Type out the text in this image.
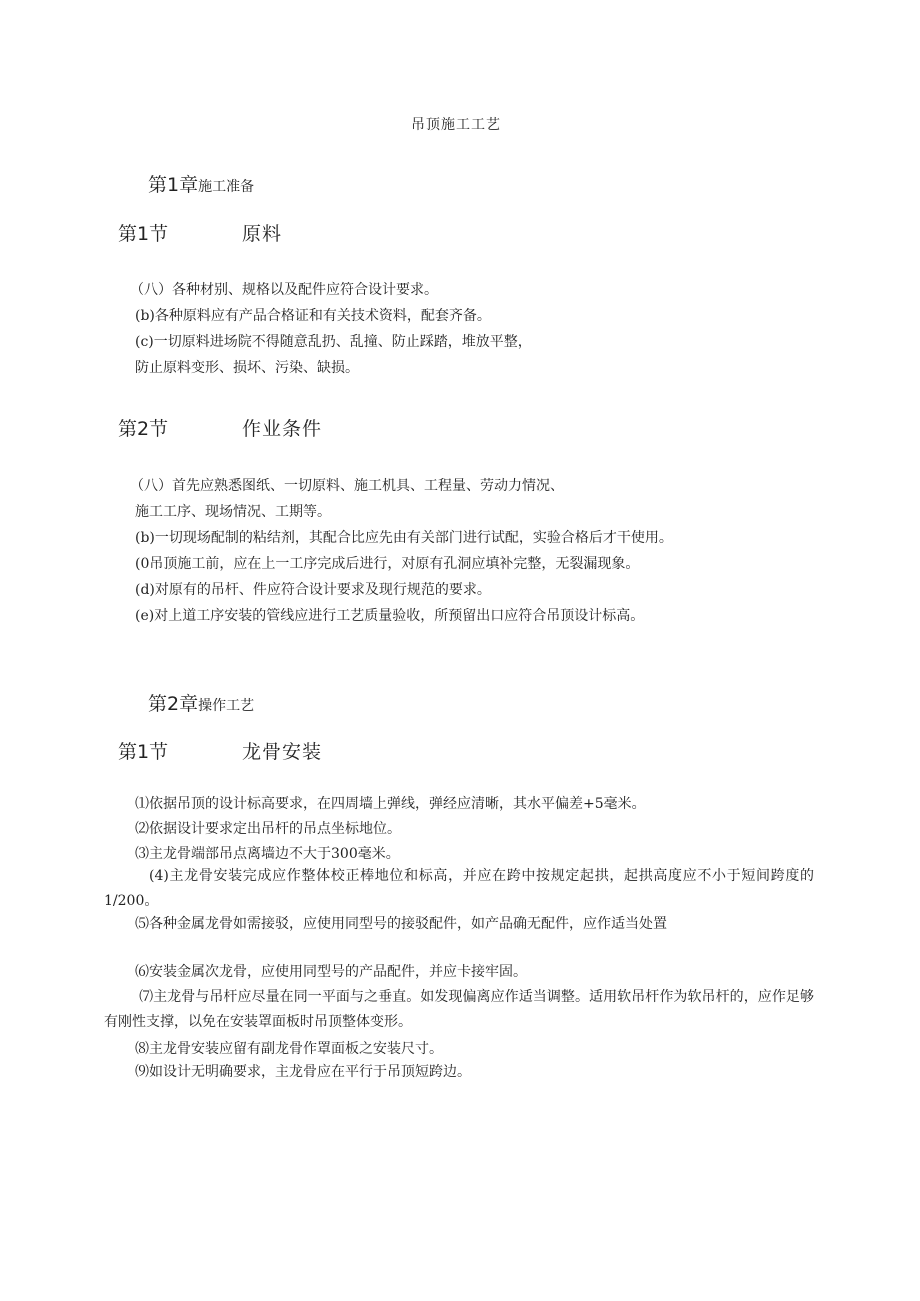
吊顶施工工艺
第1章施工准备
第1节	原料
（八）各种材别、规格以及配件应符合设计要求。
(b)各种原料应有产品合格证和有关技术资料，配套齐备。
(c)一切原料进场院不得随意乱扔、乱撞、防止踩踏，堆放平整，
防止原料变形、损坏、污染、缺损。
第2节	作业条件
（八）首先应熟悉图纸、一切原料、施工机具、工程量、劳动力情况、
施工工序、现场情况、工期等。
(b)一切现场配制的粘结剂，其配合比应先由有关部门进行试配，实验合格后才干使用。
(0吊顶施工前，应在上一工序完成后进行，对原有孔洞应填补完整，无裂漏现象。
(d)对原有的吊杆、件应符合设计要求及现行规范的要求。
(e)对上道工序安装的管线应进行工艺质量验收，所预留出口应符合吊顶设计标高。
第2章操作工艺
第1节	龙骨安装
⑴依据吊顶的设计标高要求，在四周墙上弹线，弹经应清晰，其水平偏差+5毫米。
⑵依据设计要求定出吊杆的吊点坐标地位。
⑶主龙骨端部吊点离墙边不大于300毫米。
(4)主龙骨安装完成应作整体校正棒地位和标高，并应在跨中按规定起拱，起拱高度应不小于短间跨度的1/200。
⑸各种金属龙骨如需接驳，应使用同型号的接驳配件，如产品确无配件，应作适当处置
⑹安装金属次龙骨，应使用同型号的产品配件，并应卡接牢固。
⑺主龙骨与吊杆应尽量在同一平面与之垂直。如发现偏离应作适当调整。适用软吊杆作为软吊杆的，应作足够有刚性支撑，以免在安装罩面板时吊顶整体变形。
⑻主龙骨安装应留有副龙骨作罩面板之安装尺寸。
⑼如设计无明确要求，主龙骨应在平行于吊顶短跨边。
